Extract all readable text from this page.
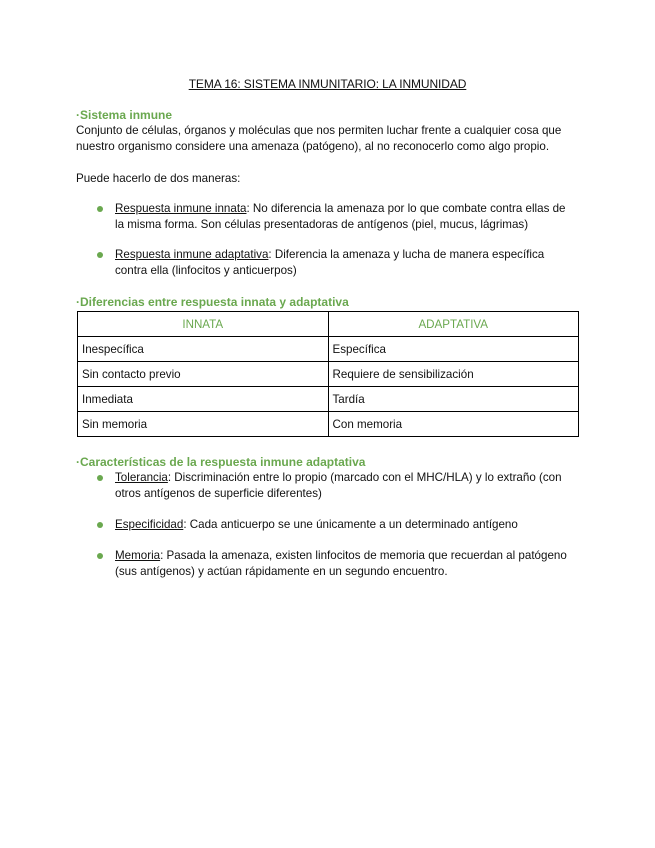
TEMA 16: SISTEMA INMUNITARIO: LA INMUNIDAD
·Sistema inmune
Conjunto de células, órganos y moléculas que nos permiten luchar frente a cualquier cosa que nuestro organismo considere una amenaza (patógeno), al no reconocerlo como algo propio.
Puede hacerlo de dos maneras:
Respuesta inmune innata: No diferencia la amenaza por lo que combate contra ellas de la misma forma. Son células presentadoras de antígenos (piel, mucus, lágrimas)
Respuesta inmune adaptativa: Diferencia la amenaza y lucha de manera específica contra ella (linfocitos y anticuerpos)
·Diferencias entre respuesta innata y adaptativa
INNATA	ADAPTATIVA
Inespecífica	Específica
Sin contacto previo	Requiere de sensibilización
Inmediata	Tardía
Sin memoria	Con memoria
·Características de la respuesta inmune adaptativa
Tolerancia: Discriminación entre lo propio (marcado con el MHC/HLA) y lo extraño (con otros antígenos de superficie diferentes)
Especificidad: Cada anticuerpo se une únicamente a un determinado antígeno
Memoria: Pasada la amenaza, existen linfocitos de memoria que recuerdan al patógeno (sus antígenos) y actúan rápidamente en un segundo encuentro.
